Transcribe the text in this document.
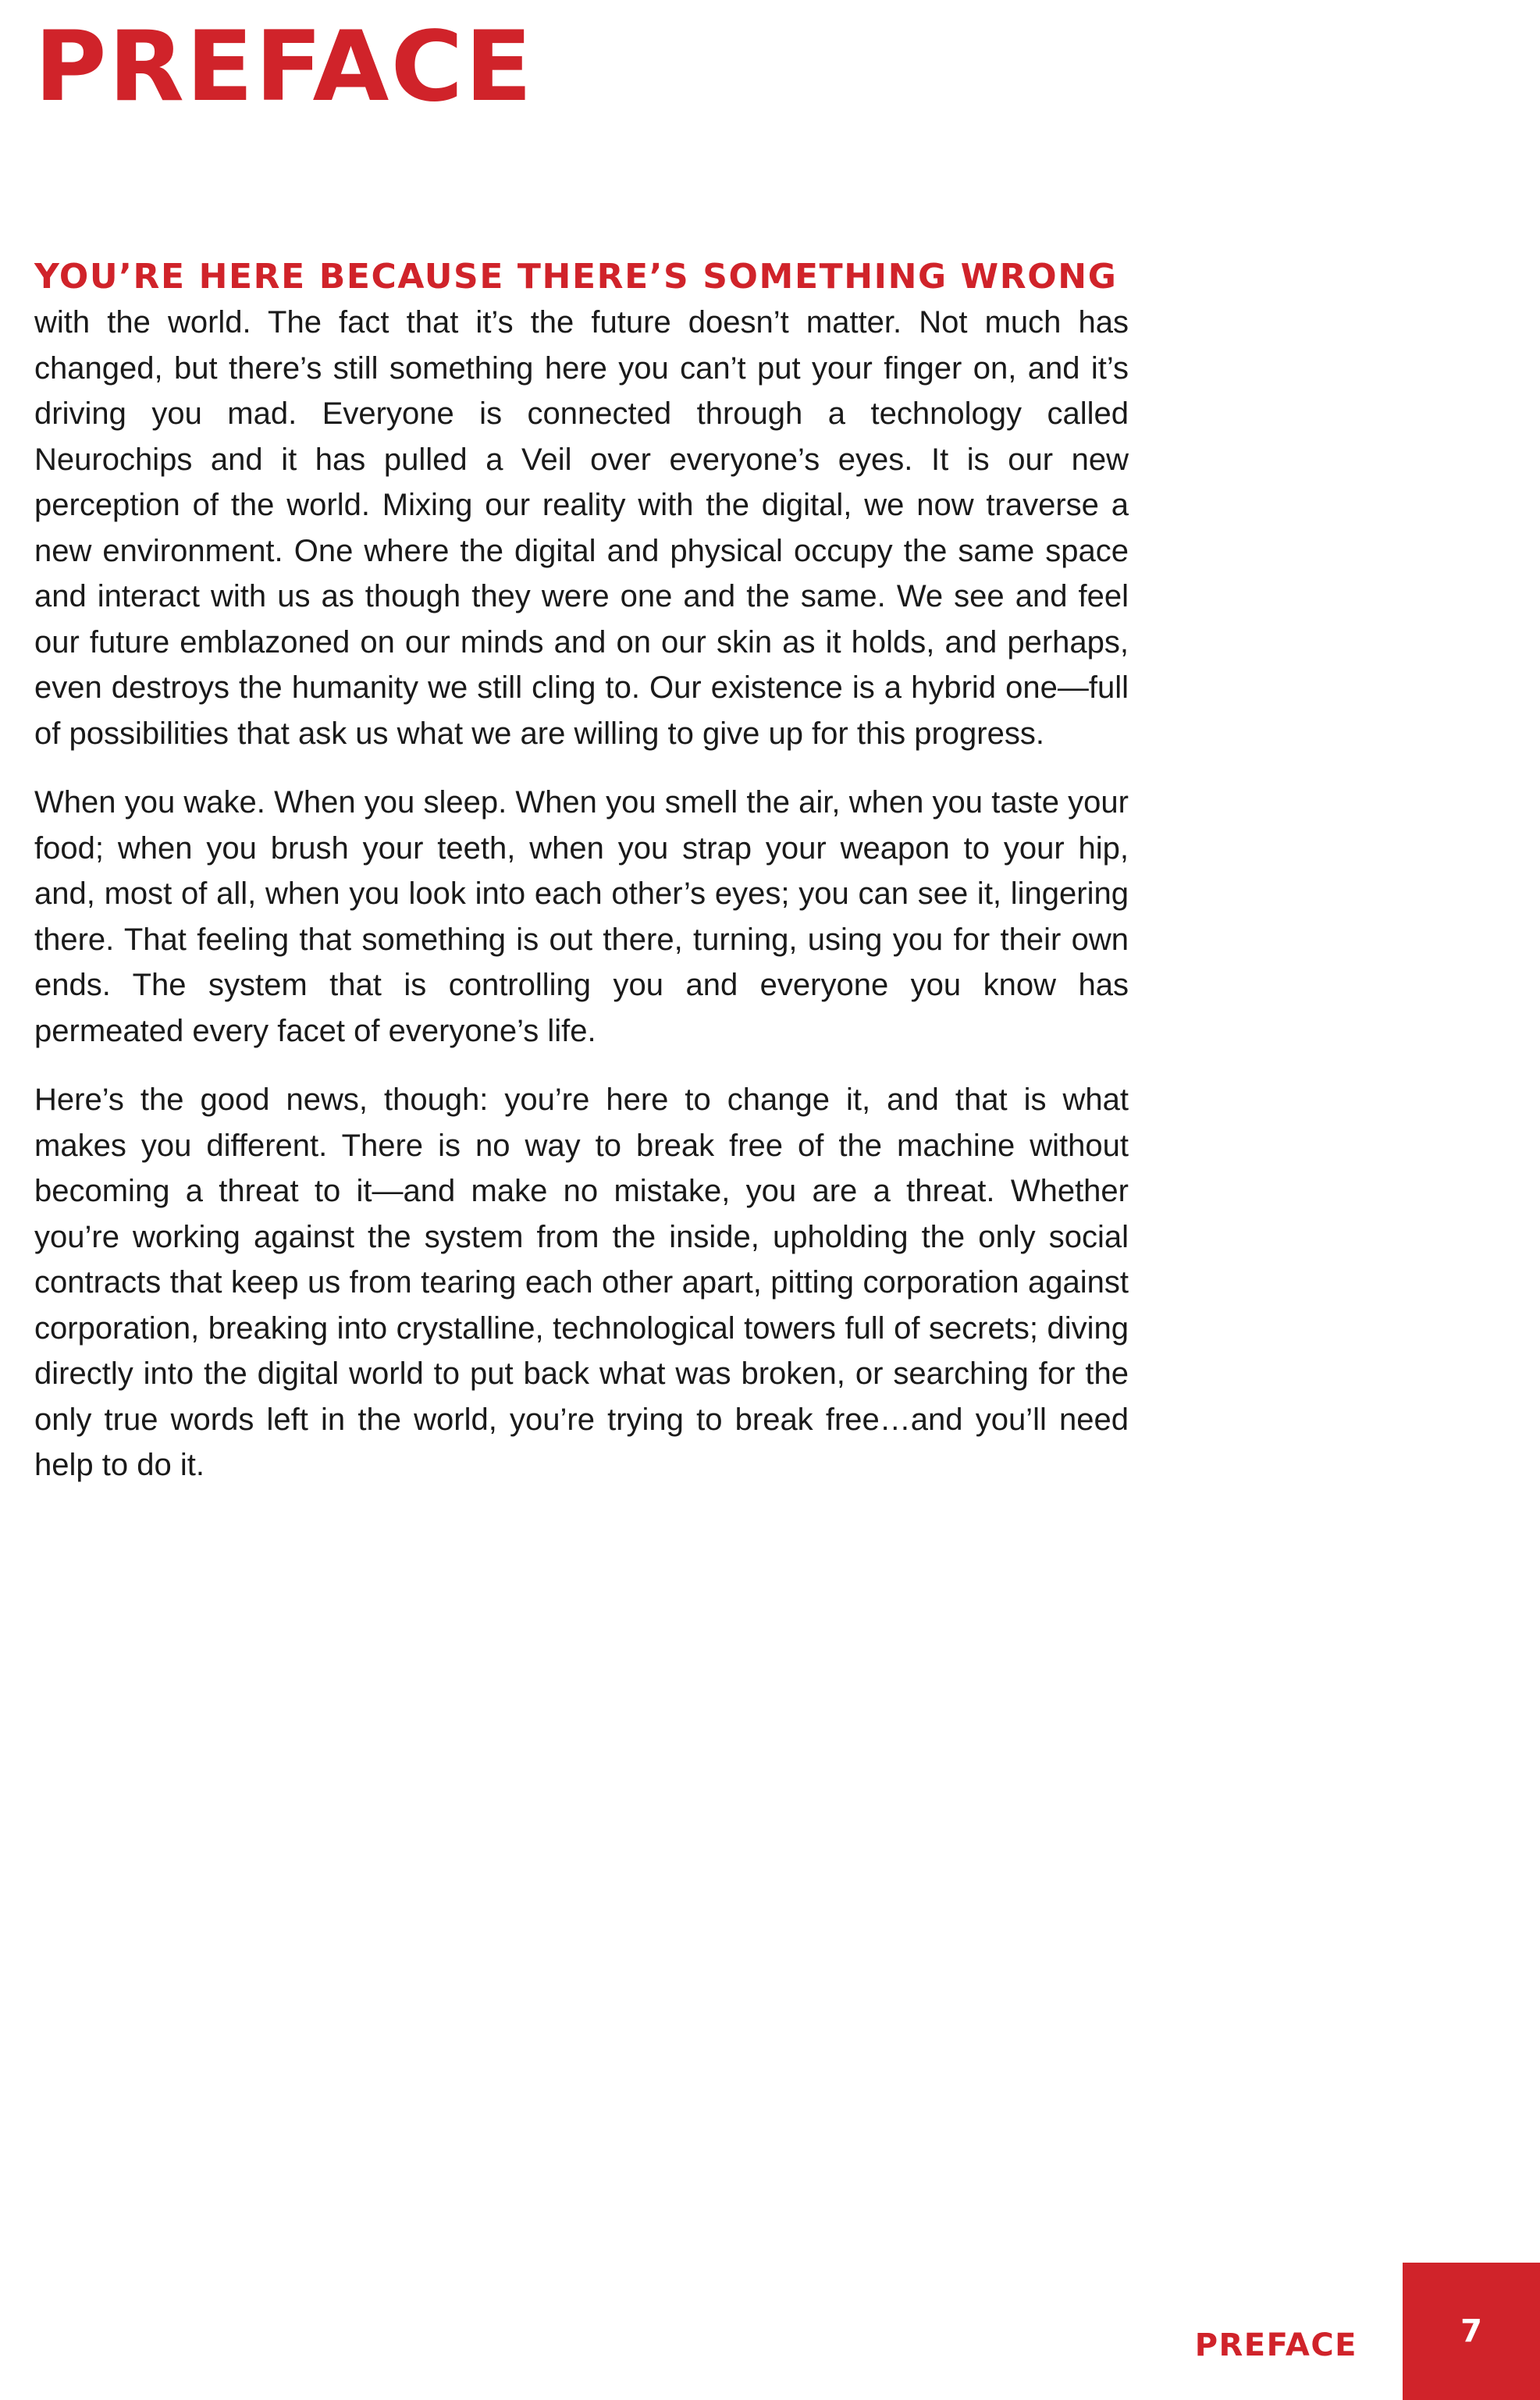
PREFACE

YOU’RE HERE BECAUSE THERE’S SOMETHING WRONG
with the world. The fact that it’s the future doesn’t matter. Not much has changed, but there’s still something here you can’t put your finger on, and it’s driving you mad. Everyone is connected through a technology called Neurochips and it has pulled a Veil over everyone’s eyes. It is our new perception of the world. Mixing our reality with the digital, we now traverse a new environment. One where the digital and physical occupy the same space and interact with us as though they were one and the same. We see and feel our future emblazoned on our minds and on our skin as it holds, and perhaps, even destroys the humanity we still cling to. Our existence is a hybrid one—full of possibilities that ask us what we are willing to give up for this progress.

When you wake. When you sleep. When you smell the air, when you taste your food; when you brush your teeth, when you strap your weapon to your hip, and, most of all, when you look into each other’s eyes; you can see it, lingering there. That feeling that something is out there, turning, using you for their own ends. The system that is controlling you and everyone you know has permeated every facet of everyone’s life.

Here’s the good news, though: you’re here to change it, and that is what makes you different. There is no way to break free of the machine without becoming a threat to it—and make no mistake, you are a threat. Whether you’re working against the system from the inside, upholding the only social contracts that keep us from tearing each other apart, pitting corporation against corporation, breaking into crystalline, technological towers full of secrets; diving directly into the digital world to put back what was broken, or searching for the only true words left in the world, you’re trying to break free…and you’ll need help to do it.

PREFACE	7
